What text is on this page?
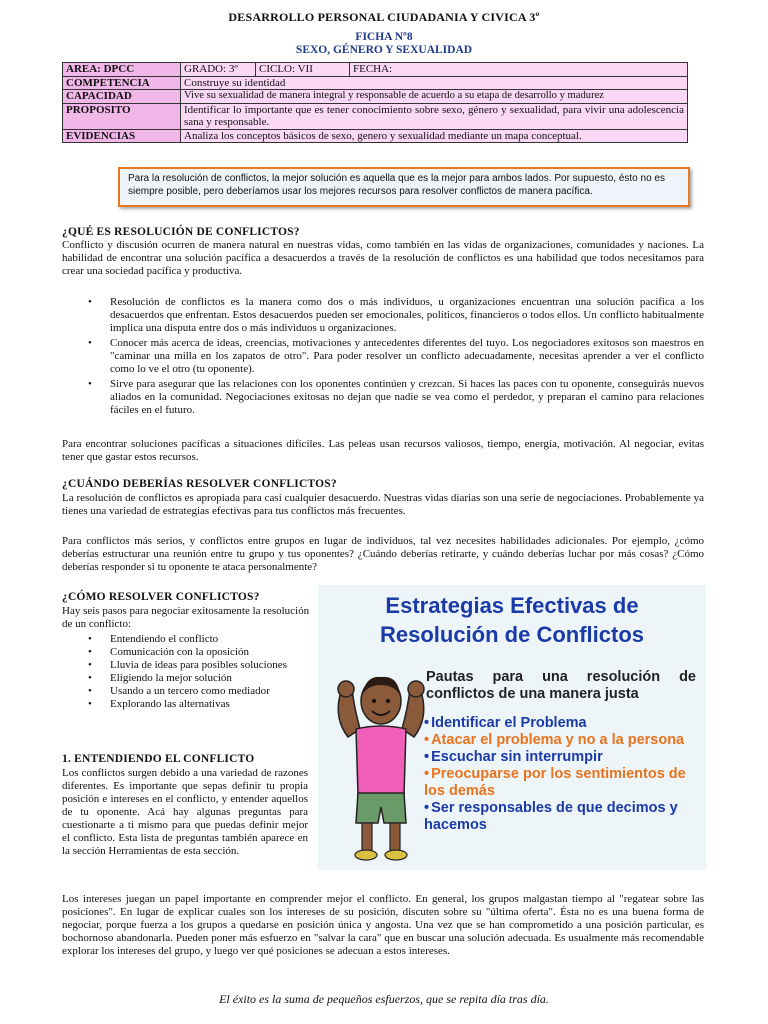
DESARROLLO PERSONAL CIUDADANIA Y CIVICA 3º
FICHA Nº8
SEXO, GÉNERO Y SEXUALIDAD
AREA: DPCC	GRADO: 3º	CICLO: VII	FECHA:
COMPETENCIA	Construye su identidad		
CAPACIDAD	Vive su sexualidad de manera integral y responsable de acuerdo a su etapa de desarrollo y madurez		
PROPOSITO	Identificar lo importante que es tener conocimiento sobre sexo, género y sexualidad, para vivir una adolescencia sana y responsable.		
EVIDENCIAS	Analiza los conceptos básicos de sexo, genero y sexualidad mediante un mapa conceptual.		
Para la resolución de conflictos, la mejor solución es aquella que es la mejor para ambos lados. Por supuesto, ésto no es siempre posible, pero deberíamos usar los mejores recursos para resolver conflictos de manera pacífica.
¿QUÉ ES RESOLUCIÓN DE CONFLICTOS?
Conflicto y discusión ocurren de manera natural en nuestras vidas, como también en las vidas de organizaciones, comunidades y naciones. La habilidad de encontrar una solución pacífica a desacuerdos a través de la resolución de conflictos es una habilidad que todos necesitamos para crear una sociedad pacífica y productiva.
• Resolución de conflictos es la manera como dos o más individuos, u organizaciones encuentran una solución pacífica a los desacuerdos que enfrentan. Estos desacuerdos pueden ser emocionales, políticos, financieros o todos ellos. Un conflicto habitualmente implica una disputa entre dos o más individuos u organizaciones.
• Conocer más acerca de ideas, creencias, motivaciones y antecedentes diferentes del tuyo. Los negociadores exitosos son maestros en "caminar una milla en los zapatos de otro". Para poder resolver un conflicto adecuadamente, necesitas aprender a ver el conflicto como lo ve el otro (tu oponente).
• Sirve para asegurar que las relaciones con los oponentes continúen y crezcan. Si haces las paces con tu oponente, conseguirás nuevos aliados en la comunidad. Negociaciones exitosas no dejan que nadie se vea como el perdedor, y preparan el camino para relaciones fáciles en el futuro.
Para encontrar soluciones pacíficas a situaciones difíciles. Las peleas usan recursos valiosos, tiempo, energía, motivación. Al negociar, evitas tener que gastar estos recursos.
¿CUÁNDO DEBERÍAS RESOLVER CONFLICTOS?
La resolución de conflictos es apropiada para casi cualquier desacuerdo. Nuestras vidas diarias son una serie de negociaciones. Probablemente ya tienes una variedad de estrategias efectivas para tus conflictos más frecuentes.
Para conflictos más serios, y conflictos entre grupos en lugar de individuos, tal vez necesites habilidades adicionales. Por ejemplo, ¿cómo deberías estructurar una reunión entre tu grupo y tus oponentes? ¿Cuándo deberías retirarte, y cuándo deberías luchar por más cosas? ¿Cómo deberías responder si tu oponente te ataca personalmente?
¿CÓMO RESOLVER CONFLICTOS?
Hay seis pasos para negociar exitosamente la resolución de un conflicto:
• Entendiendo el conflicto
• Comunicación con la oposición
• Lluvia de ideas para posibles soluciones
• Eligiendo la mejor solución
• Usando a un tercero como mediador
• Explorando las alternativas
1. ENTENDIENDO EL CONFLICTO
Los conflictos surgen debido a una variedad de razones diferentes. Es importante que sepas definir tu propia posición e intereses en el conflicto, y entender aquellos de tu oponente. Acá hay algunas preguntas para cuestionarte a ti mismo para que puedas definir mejor el conflicto. Esta lista de preguntas también aparece en la sección Herramientas de esta sección.
Los intereses juegan un papel importante en comprender mejor el conflicto. En general, los grupos malgastan tiempo al "regatear sobre las posiciones". En lugar de explicar cuales son los intereses de su posición, discuten sobre su "última oferta". Ésta no es una buena forma de negociar, porque fuerza a los grupos a quedarse en posición única y angosta. Una vez que se han comprometido a una posición particular, es bochornoso abandonarla. Pueden poner más esfuerzo en "salvar la cara" que en buscar una solución adecuada. Es usualmente más recomendable explorar los intereses del grupo, y luego ver qué posiciones se adecuan a estos intereses.
Estrategias Efectivas de
Resolución de Conflictos
Pautas para una resolución de conflictos de una manera justa
• Identificar el Problema
• Atacar el problema y no a la persona
• Escuchar sin interrumpir
• Preocuparse por los sentimientos de los demás
• Ser responsables de que decimos y hacemos
El éxito es la suma de pequeños esfuerzos, que se repita día tras día.
